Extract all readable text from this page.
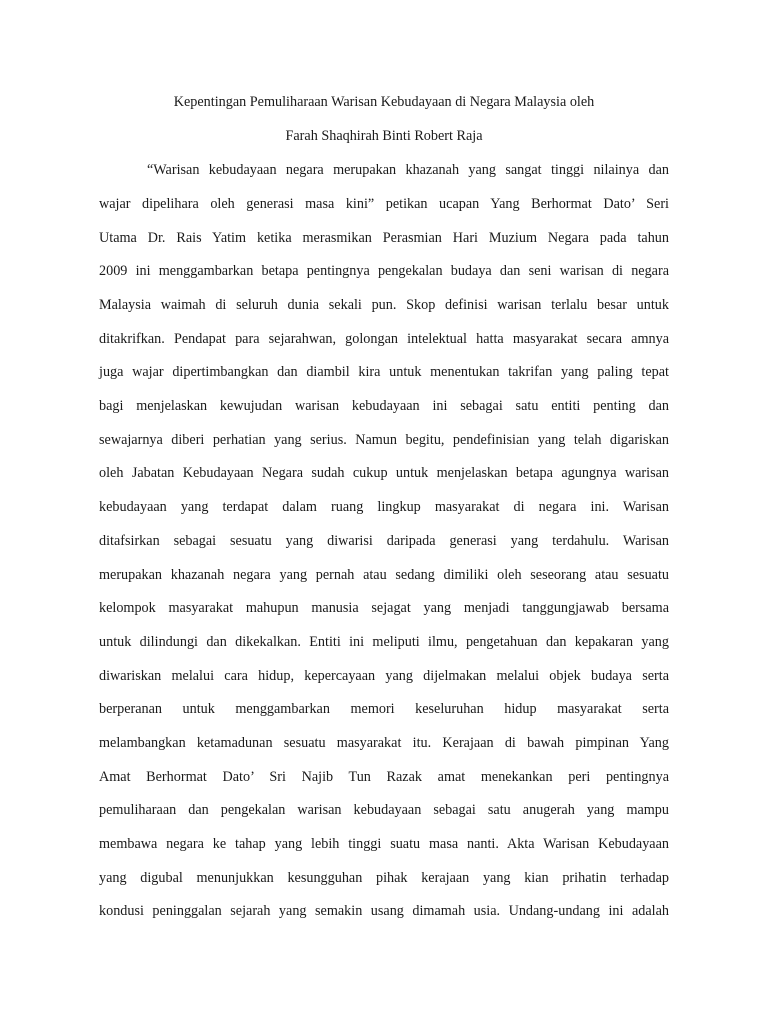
Kepentingan Pemuliharaan Warisan Kebudayaan di Negara Malaysia oleh
Farah Shaqhirah Binti Robert Raja
“Warisan kebudayaan negara merupakan khazanah yang sangat tinggi nilainya dan
wajar dipelihara oleh generasi masa kini” petikan ucapan Yang Berhormat Dato’ Seri
Utama Dr. Rais Yatim ketika merasmikan Perasmian Hari Muzium Negara pada tahun
2009 ini menggambarkan betapa pentingnya pengekalan budaya dan seni warisan di negara
Malaysia waimah di seluruh dunia sekali pun. Skop definisi warisan terlalu besar untuk
ditakrifkan. Pendapat para sejarahwan, golongan intelektual hatta masyarakat secara amnya
juga wajar dipertimbangkan dan diambil kira untuk menentukan takrifan yang paling tepat
bagi menjelaskan kewujudan warisan kebudayaan ini sebagai satu entiti penting dan
sewajarnya diberi perhatian yang serius. Namun begitu, pendefinisian yang telah digariskan
oleh Jabatan Kebudayaan Negara sudah cukup untuk menjelaskan betapa agungnya warisan
kebudayaan yang terdapat dalam ruang lingkup masyarakat di negara ini. Warisan
ditafsirkan sebagai sesuatu yang diwarisi daripada generasi yang terdahulu. Warisan
merupakan khazanah negara yang pernah atau sedang dimiliki oleh seseorang atau sesuatu
kelompok masyarakat mahupun manusia sejagat yang menjadi tanggungjawab bersama
untuk dilindungi dan dikekalkan. Entiti ini meliputi ilmu, pengetahuan dan kepakaran yang
diwariskan melalui cara hidup, kepercayaan yang dijelmakan melalui objek budaya serta
berperanan untuk menggambarkan memori keseluruhan hidup masyarakat serta
melambangkan ketamadunan sesuatu masyarakat itu. Kerajaan di bawah pimpinan Yang
Amat Berhormat Dato’ Sri Najib Tun Razak amat menekankan peri pentingnya
pemuliharaan dan pengekalan warisan kebudayaan sebagai satu anugerah yang mampu
membawa negara ke tahap yang lebih tinggi suatu masa nanti. Akta Warisan Kebudayaan
yang digubal menunjukkan kesungguhan pihak kerajaan yang kian prihatin terhadap
kondusi peninggalan sejarah yang semakin usang dimamah usia. Undang-undang ini adalah
